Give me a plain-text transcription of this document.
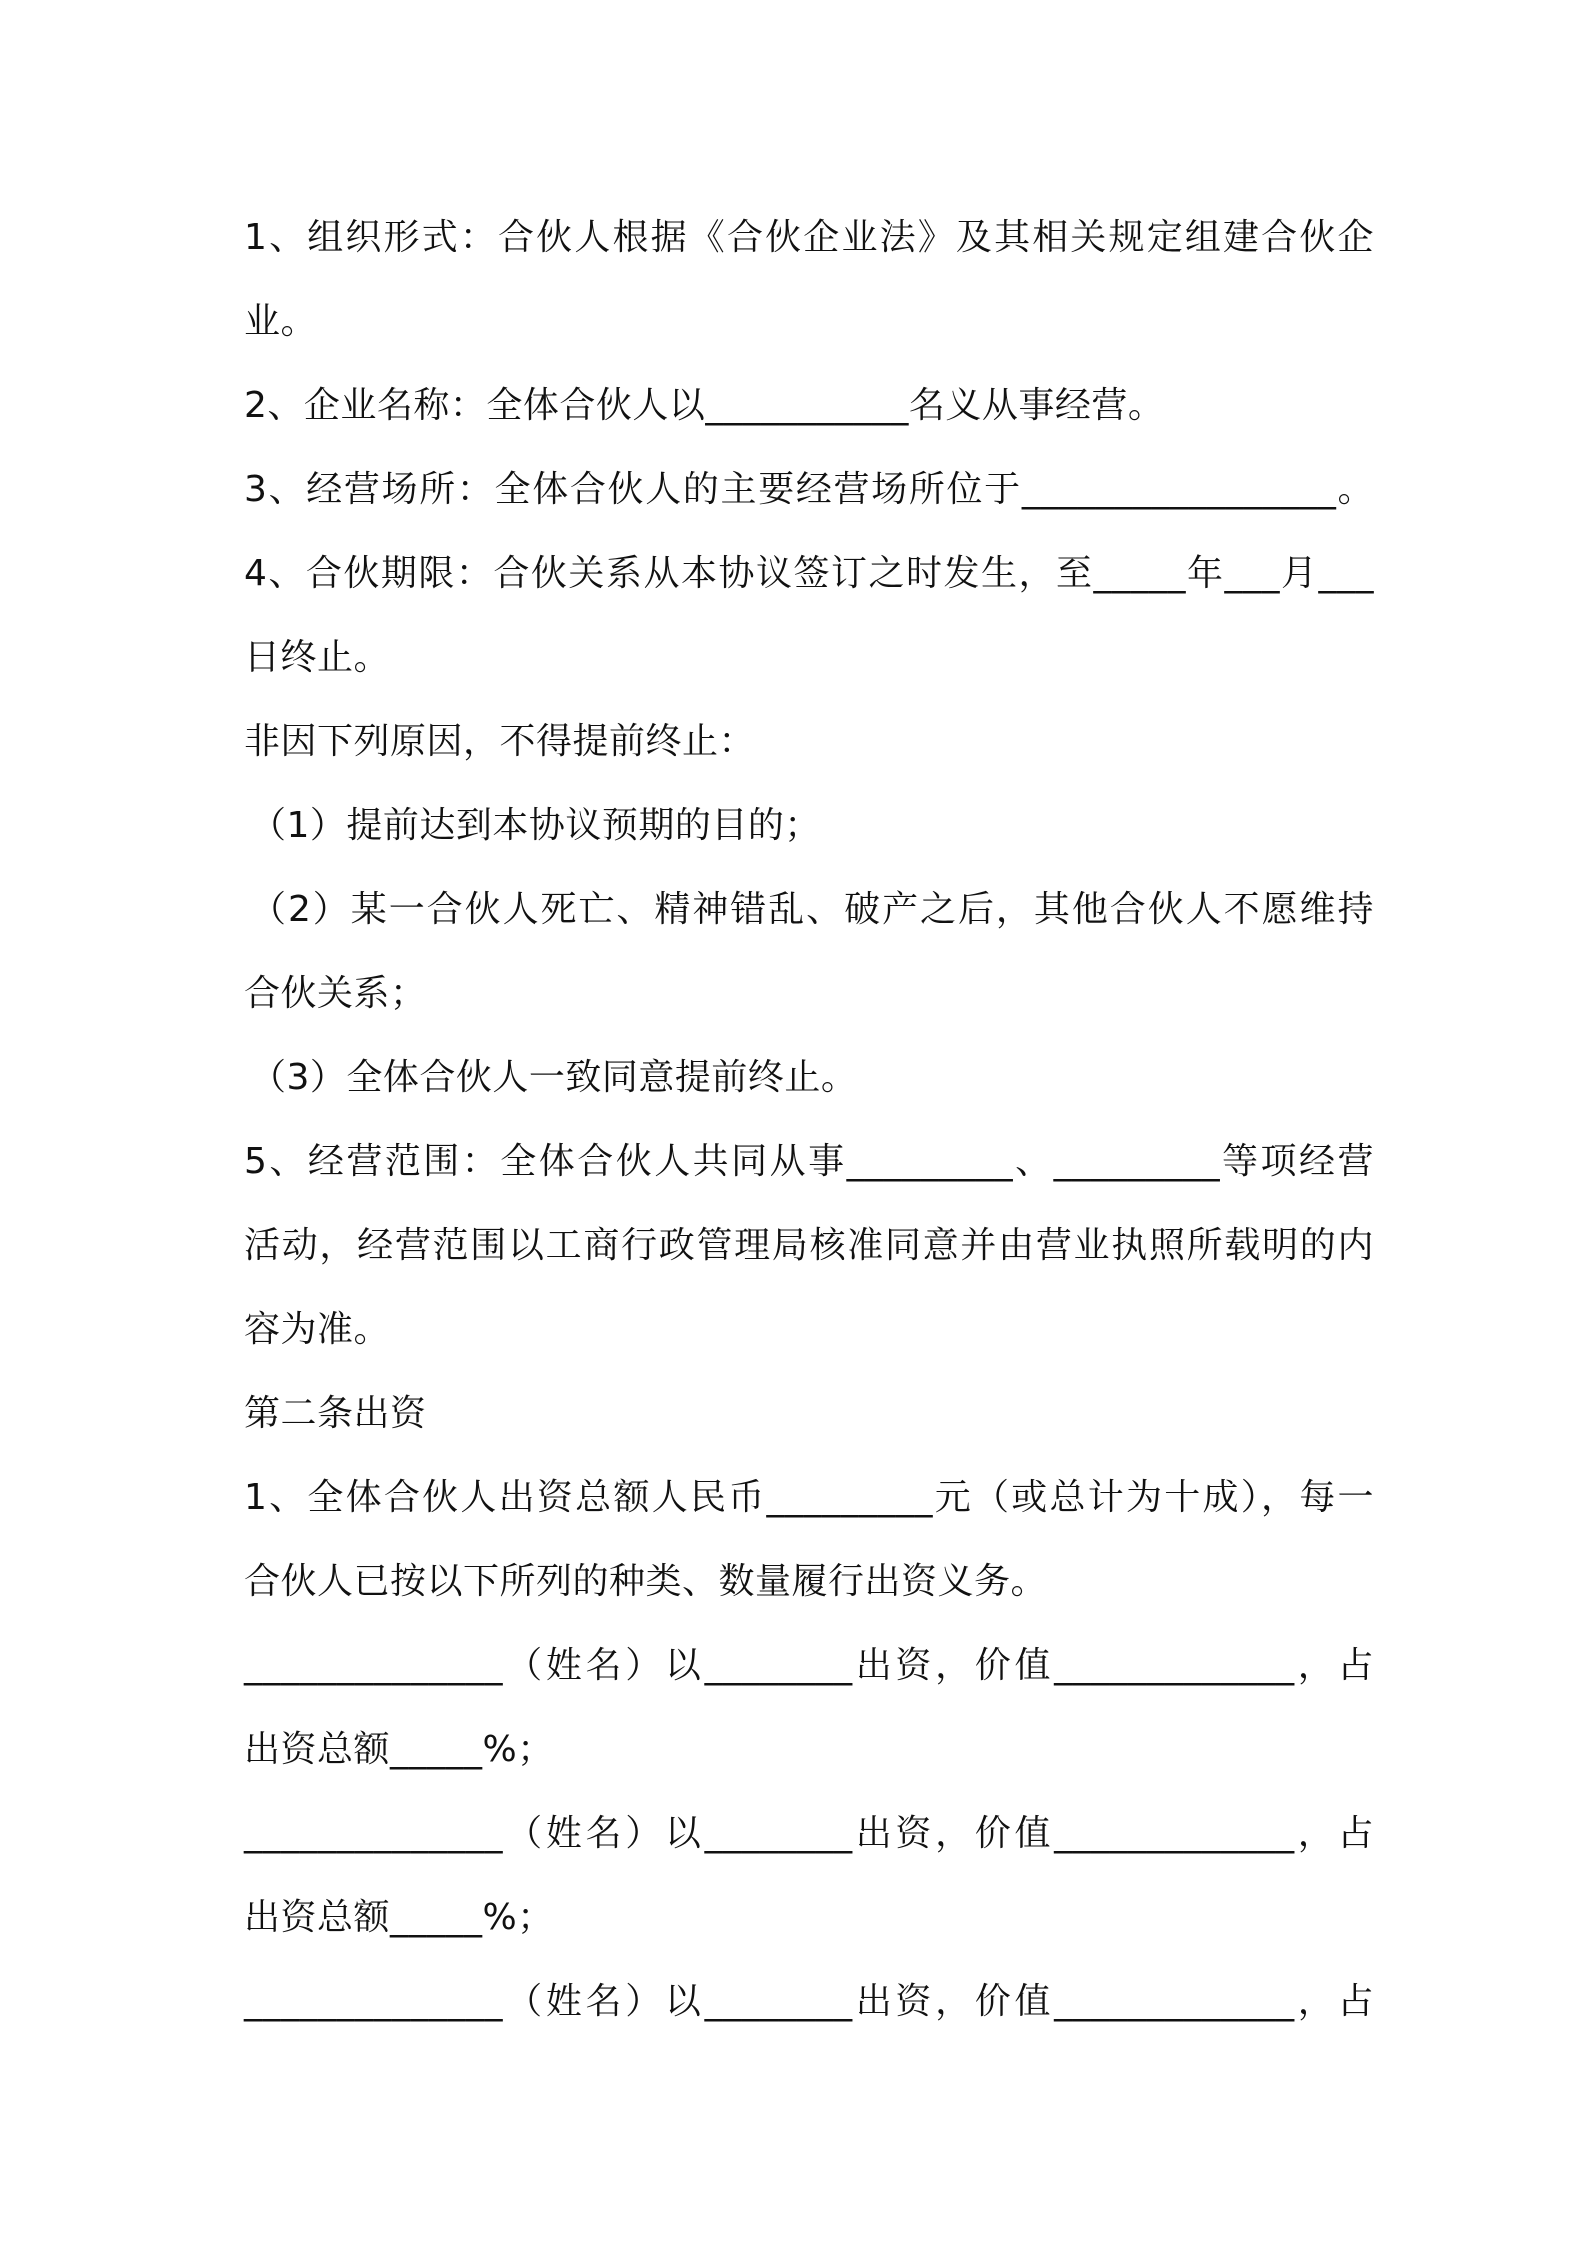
1、组织形式：合伙人根据《合伙企业法》及其相关规定组建合伙企
业。
2、企业名称：全体合伙人以___________名义从事经营。
3、经营场所：全体合伙人的主要经营场所位于_________________。
4、合伙期限：合伙关系从本协议签订之时发生，至_____年___月___
日终止。
非因下列原因，不得提前终止：
（1）提前达到本协议预期的目的；
（2）某一合伙人死亡、精神错乱、破产之后，其他合伙人不愿维持
合伙关系；
（3）全体合伙人一致同意提前终止。
5、经营范围：全体合伙人共同从事_________、_________等项经营
活动，经营范围以工商行政管理局核准同意并由营业执照所载明的内
容为准。
第二条出资
1、全体合伙人出资总额人民币_________元（或总计为十成），每一
合伙人已按以下所列的种类、数量履行出资义务。
______________（姓名）以________出资，价值_____________，占
出资总额_____%；
______________（姓名）以________出资，价值_____________，占
出资总额_____%；
______________（姓名）以________出资，价值_____________，占
